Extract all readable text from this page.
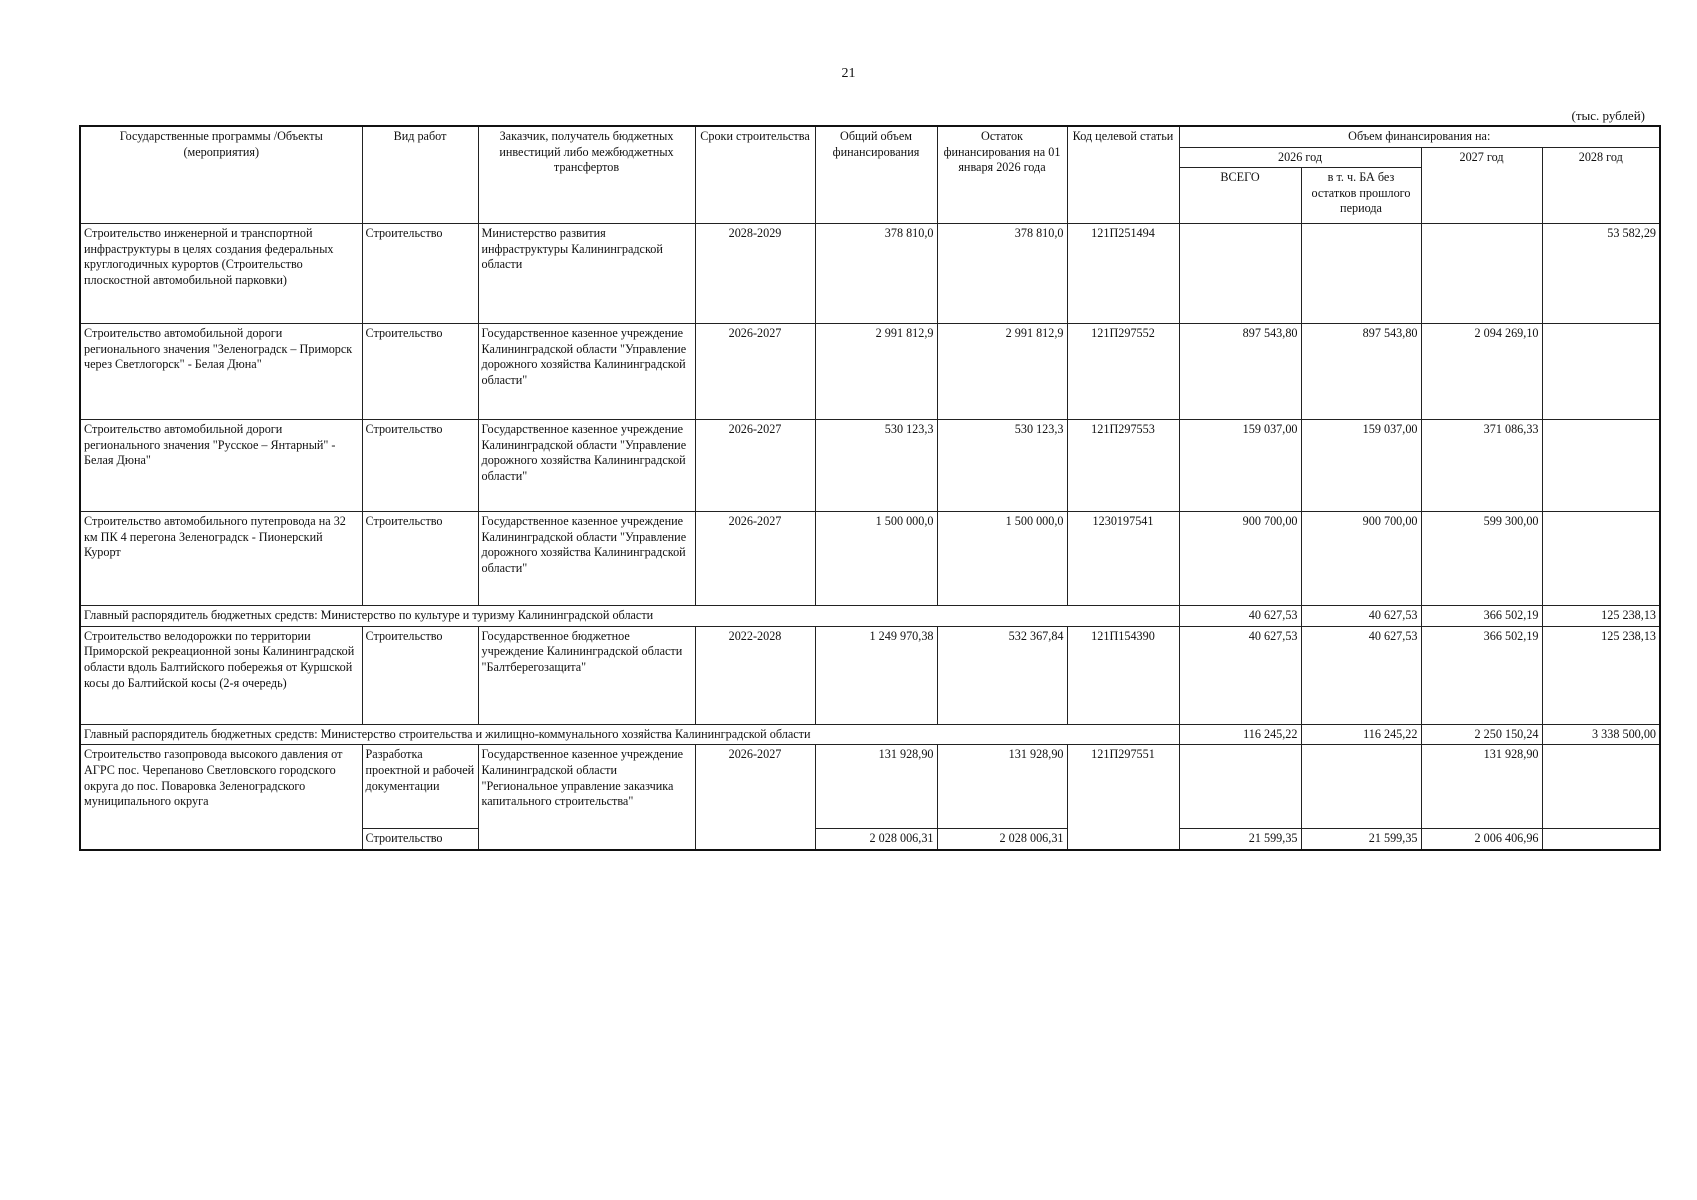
21
(тыс. рублей)
Государственные программы /Объекты (мероприятия)	Вид работ	Заказчик, получатель бюджетных инвестиций либо межбюджетных трансфертов	Сроки строительства	Общий объем финансирования	Остаток финансирования на 01 января 2026 года	Код целевой статьи	Объем финансирования на:			
							2026 год		2027 год	2028 год
							ВСЕГО	в т. ч. БА без остатков прошлого периода		
Строительство инженерной и транспортной инфраструктуры в целях создания федеральных круглогодичных курортов (Строительство плоскостной автомобильной парковки)	Строительство	Министерство развития инфраструктуры Калининградской области	2028-2029	378 810,0	378 810,0	121П251494				53 582,29
Строительство автомобильной дороги регионального значения "Зеленоградск – Приморск через Светлогорск" - Белая Дюна"	Строительство	Государственное казенное учреждение Калининградской области "Управление дорожного хозяйства Калининградской области"	2026-2027	2 991 812,9	2 991 812,9	121П297552	897 543,80	897 543,80	2 094 269,10	
Строительство автомобильной дороги регионального значения "Русское – Янтарный" - Белая Дюна"	Строительство	Государственное казенное учреждение Калининградской области "Управление дорожного хозяйства Калининградской области"	2026-2027	530 123,3	530 123,3	121П297553	159 037,00	159 037,00	371 086,33	
Строительство автомобильного путепровода на 32 км ПК 4 перегона Зеленоградск - Пионерский Курорт	Строительство	Государственное казенное учреждение Калининградской области "Управление дорожного хозяйства Калининградской области"	2026-2027	1 500 000,0	1 500 000,0	1230197541	900 700,00	900 700,00	599 300,00	
Главный распорядитель бюджетных средств: Министерство по культуре и туризму Калининградской области							40 627,53	40 627,53	366 502,19	125 238,13
Строительство велодорожки по территории Приморской рекреационной зоны Калининградской области вдоль Балтийского побережья от Куршской косы до Балтийской косы (2-я очередь)	Строительство	Государственное бюджетное учреждение Калининградской области "Балтберегозащита"	2022-2028	1 249 970,38	532 367,84	121П154390	40 627,53	40 627,53	366 502,19	125 238,13
Главный распорядитель бюджетных средств: Министерство строительства и жилищно-коммунального хозяйства Калининградской области							116 245,22	116 245,22	2 250 150,24	3 338 500,00
Строительство газопровода высокого давления от АГРС пос. Черепаново Светловского городского округа до пос. Поваровка Зеленоградского муниципального округа	Разработка проектной и рабочей документации	Государственное казенное учреждение Калининградской области "Региональное управление заказчика капитального строительства"	2026-2027	131 928,90	131 928,90	121П297551			131 928,90	
	Строительство			2 028 006,31	2 028 006,31		21 599,35	21 599,35	2 006 406,96	
